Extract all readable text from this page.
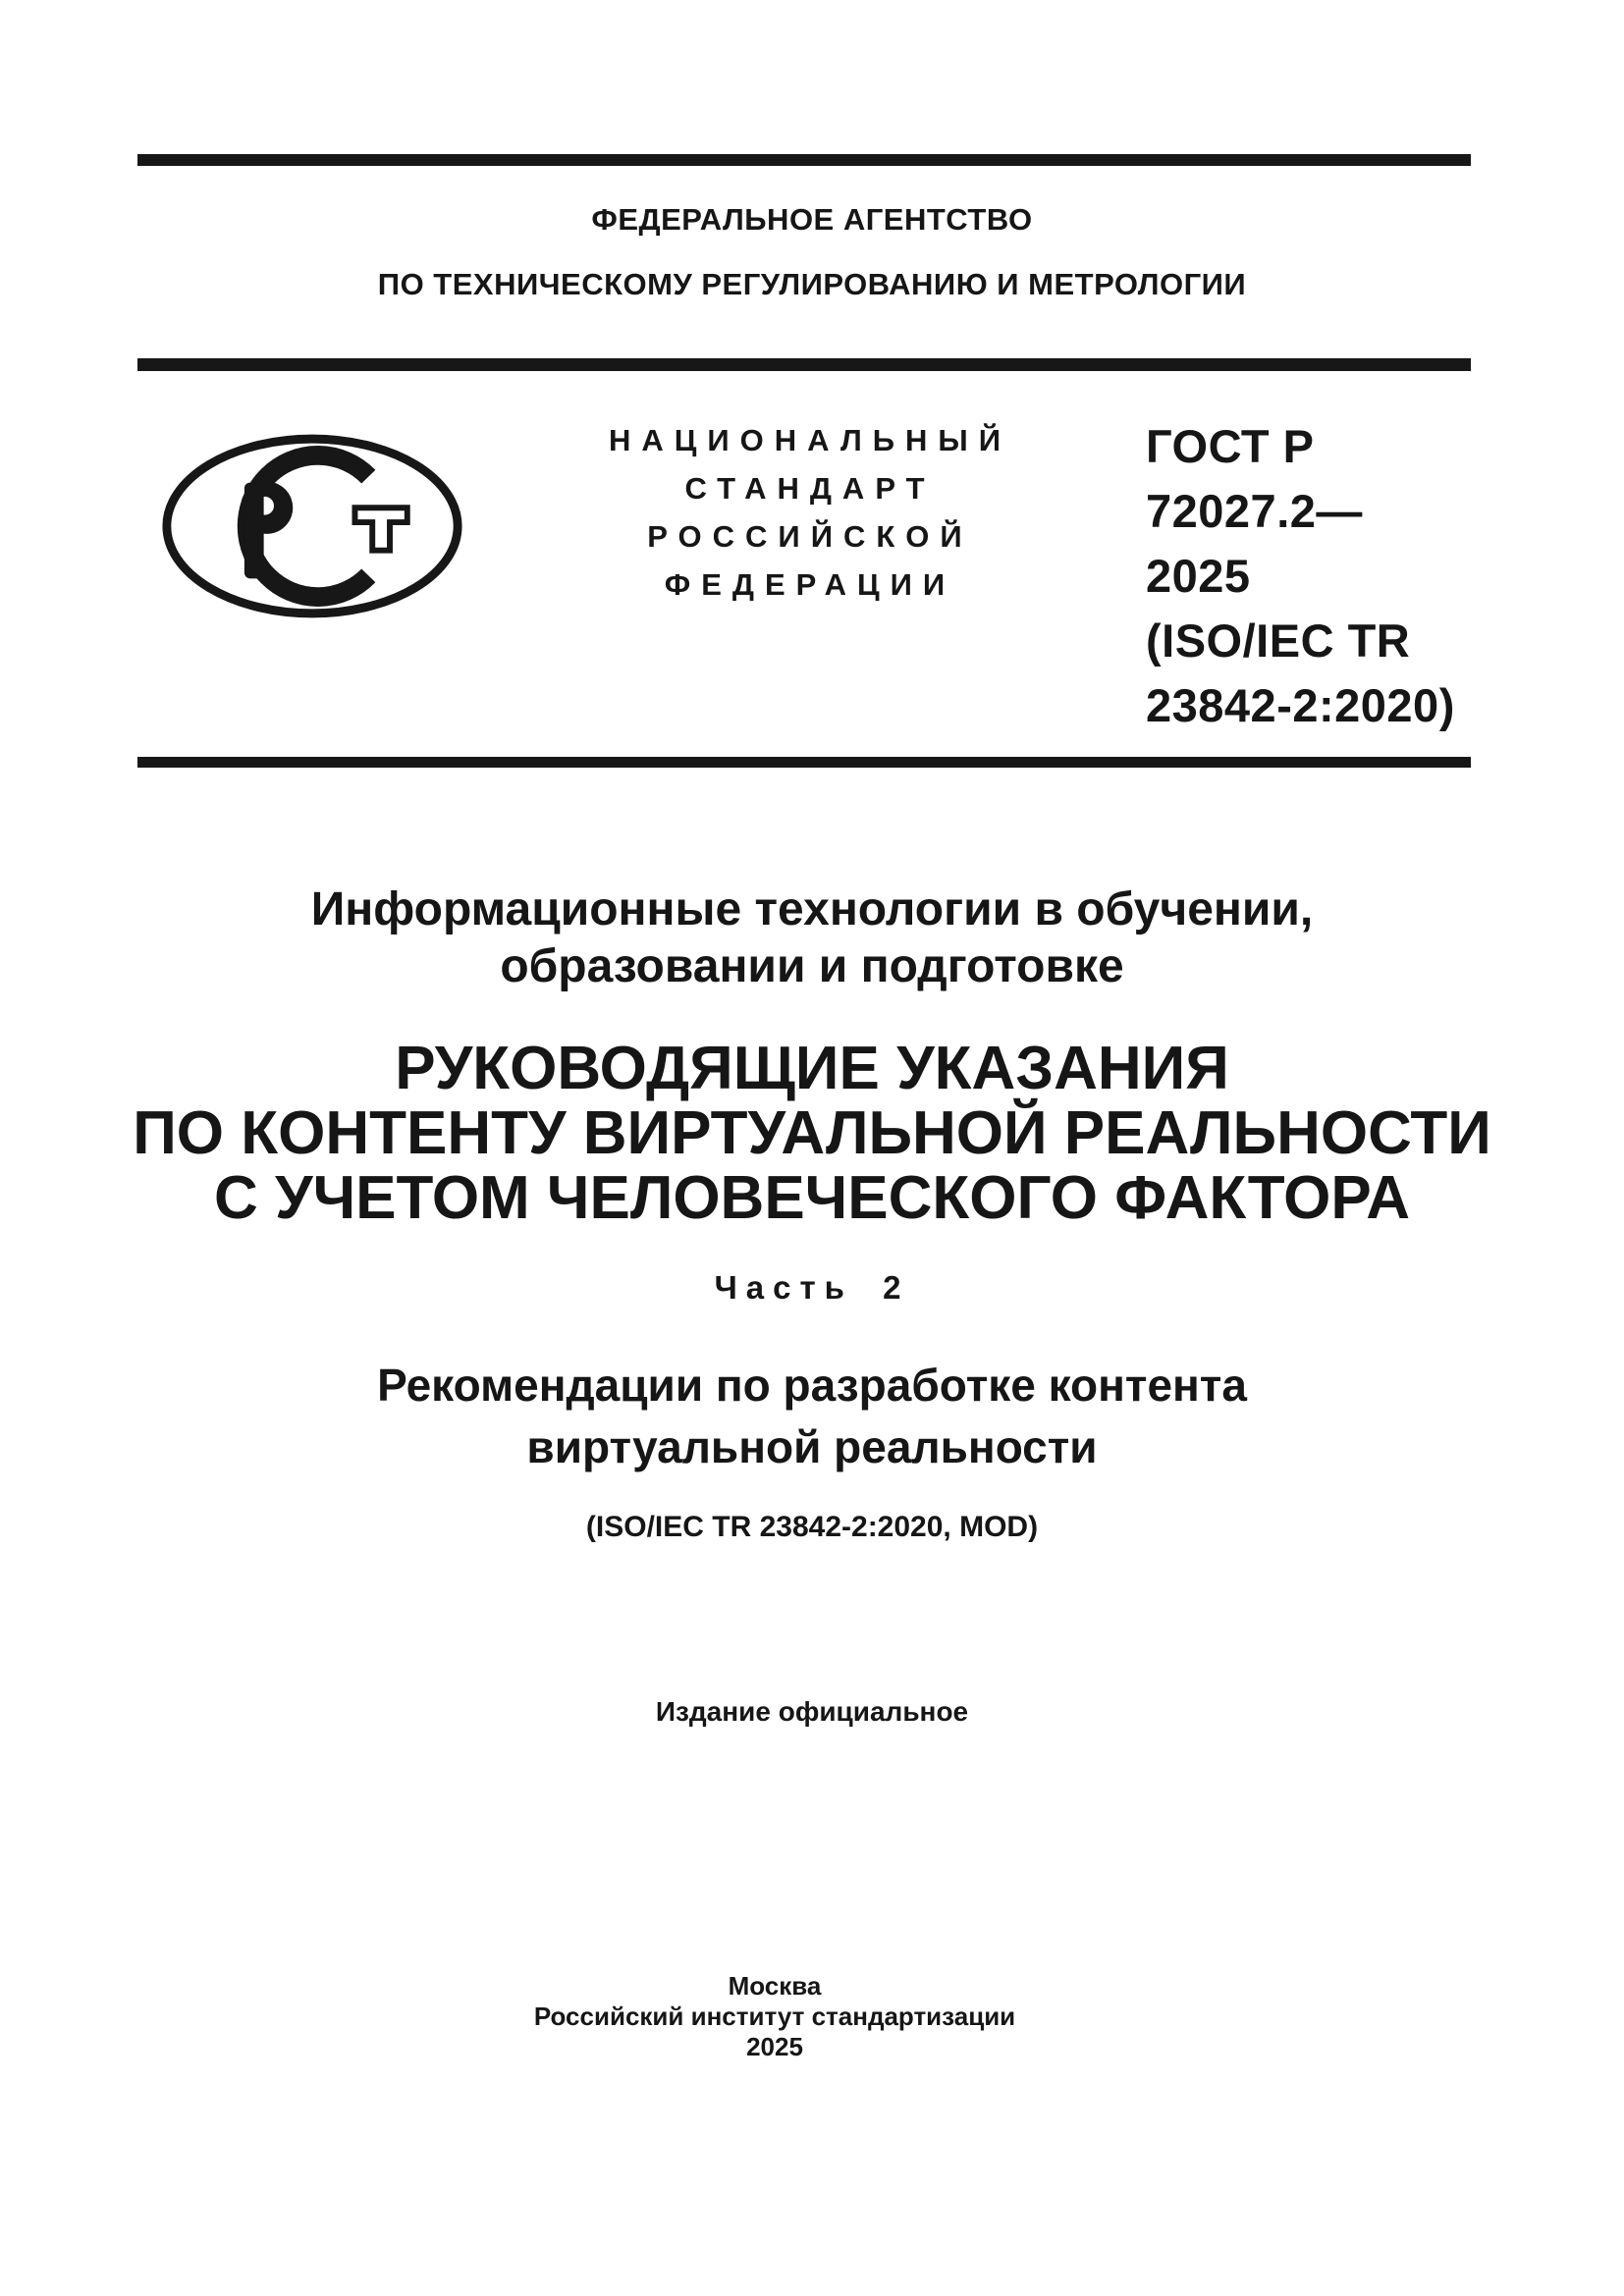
ФЕДЕРАЛЬНОЕ АГЕНТСТВО
ПО ТЕХНИЧЕСКОМУ РЕГУЛИРОВАНИЮ И МЕТРОЛОГИИ
НАЦИОНАЛЬНЫЙ
СТАНДАРТ
РОССИЙСКОЙ
ФЕДЕРАЦИИ
ГОСТ Р
72027.2—
2025
(ISO/IEC TR
23842-2:2020)
Информационные технологии в обучении,
образовании и подготовке
РУКОВОДЯЩИЕ УКАЗАНИЯ
ПО КОНТЕНТУ ВИРТУАЛЬНОЙ РЕАЛЬНОСТИ
С УЧЕТОМ ЧЕЛОВЕЧЕСКОГО ФАКТОРА
Часть 2
Рекомендации по разработке контента
виртуальной реальности
(ISO/IEC TR 23842-2:2020, MOD)
Издание официальное
Москва
Российский институт стандартизации
2025
